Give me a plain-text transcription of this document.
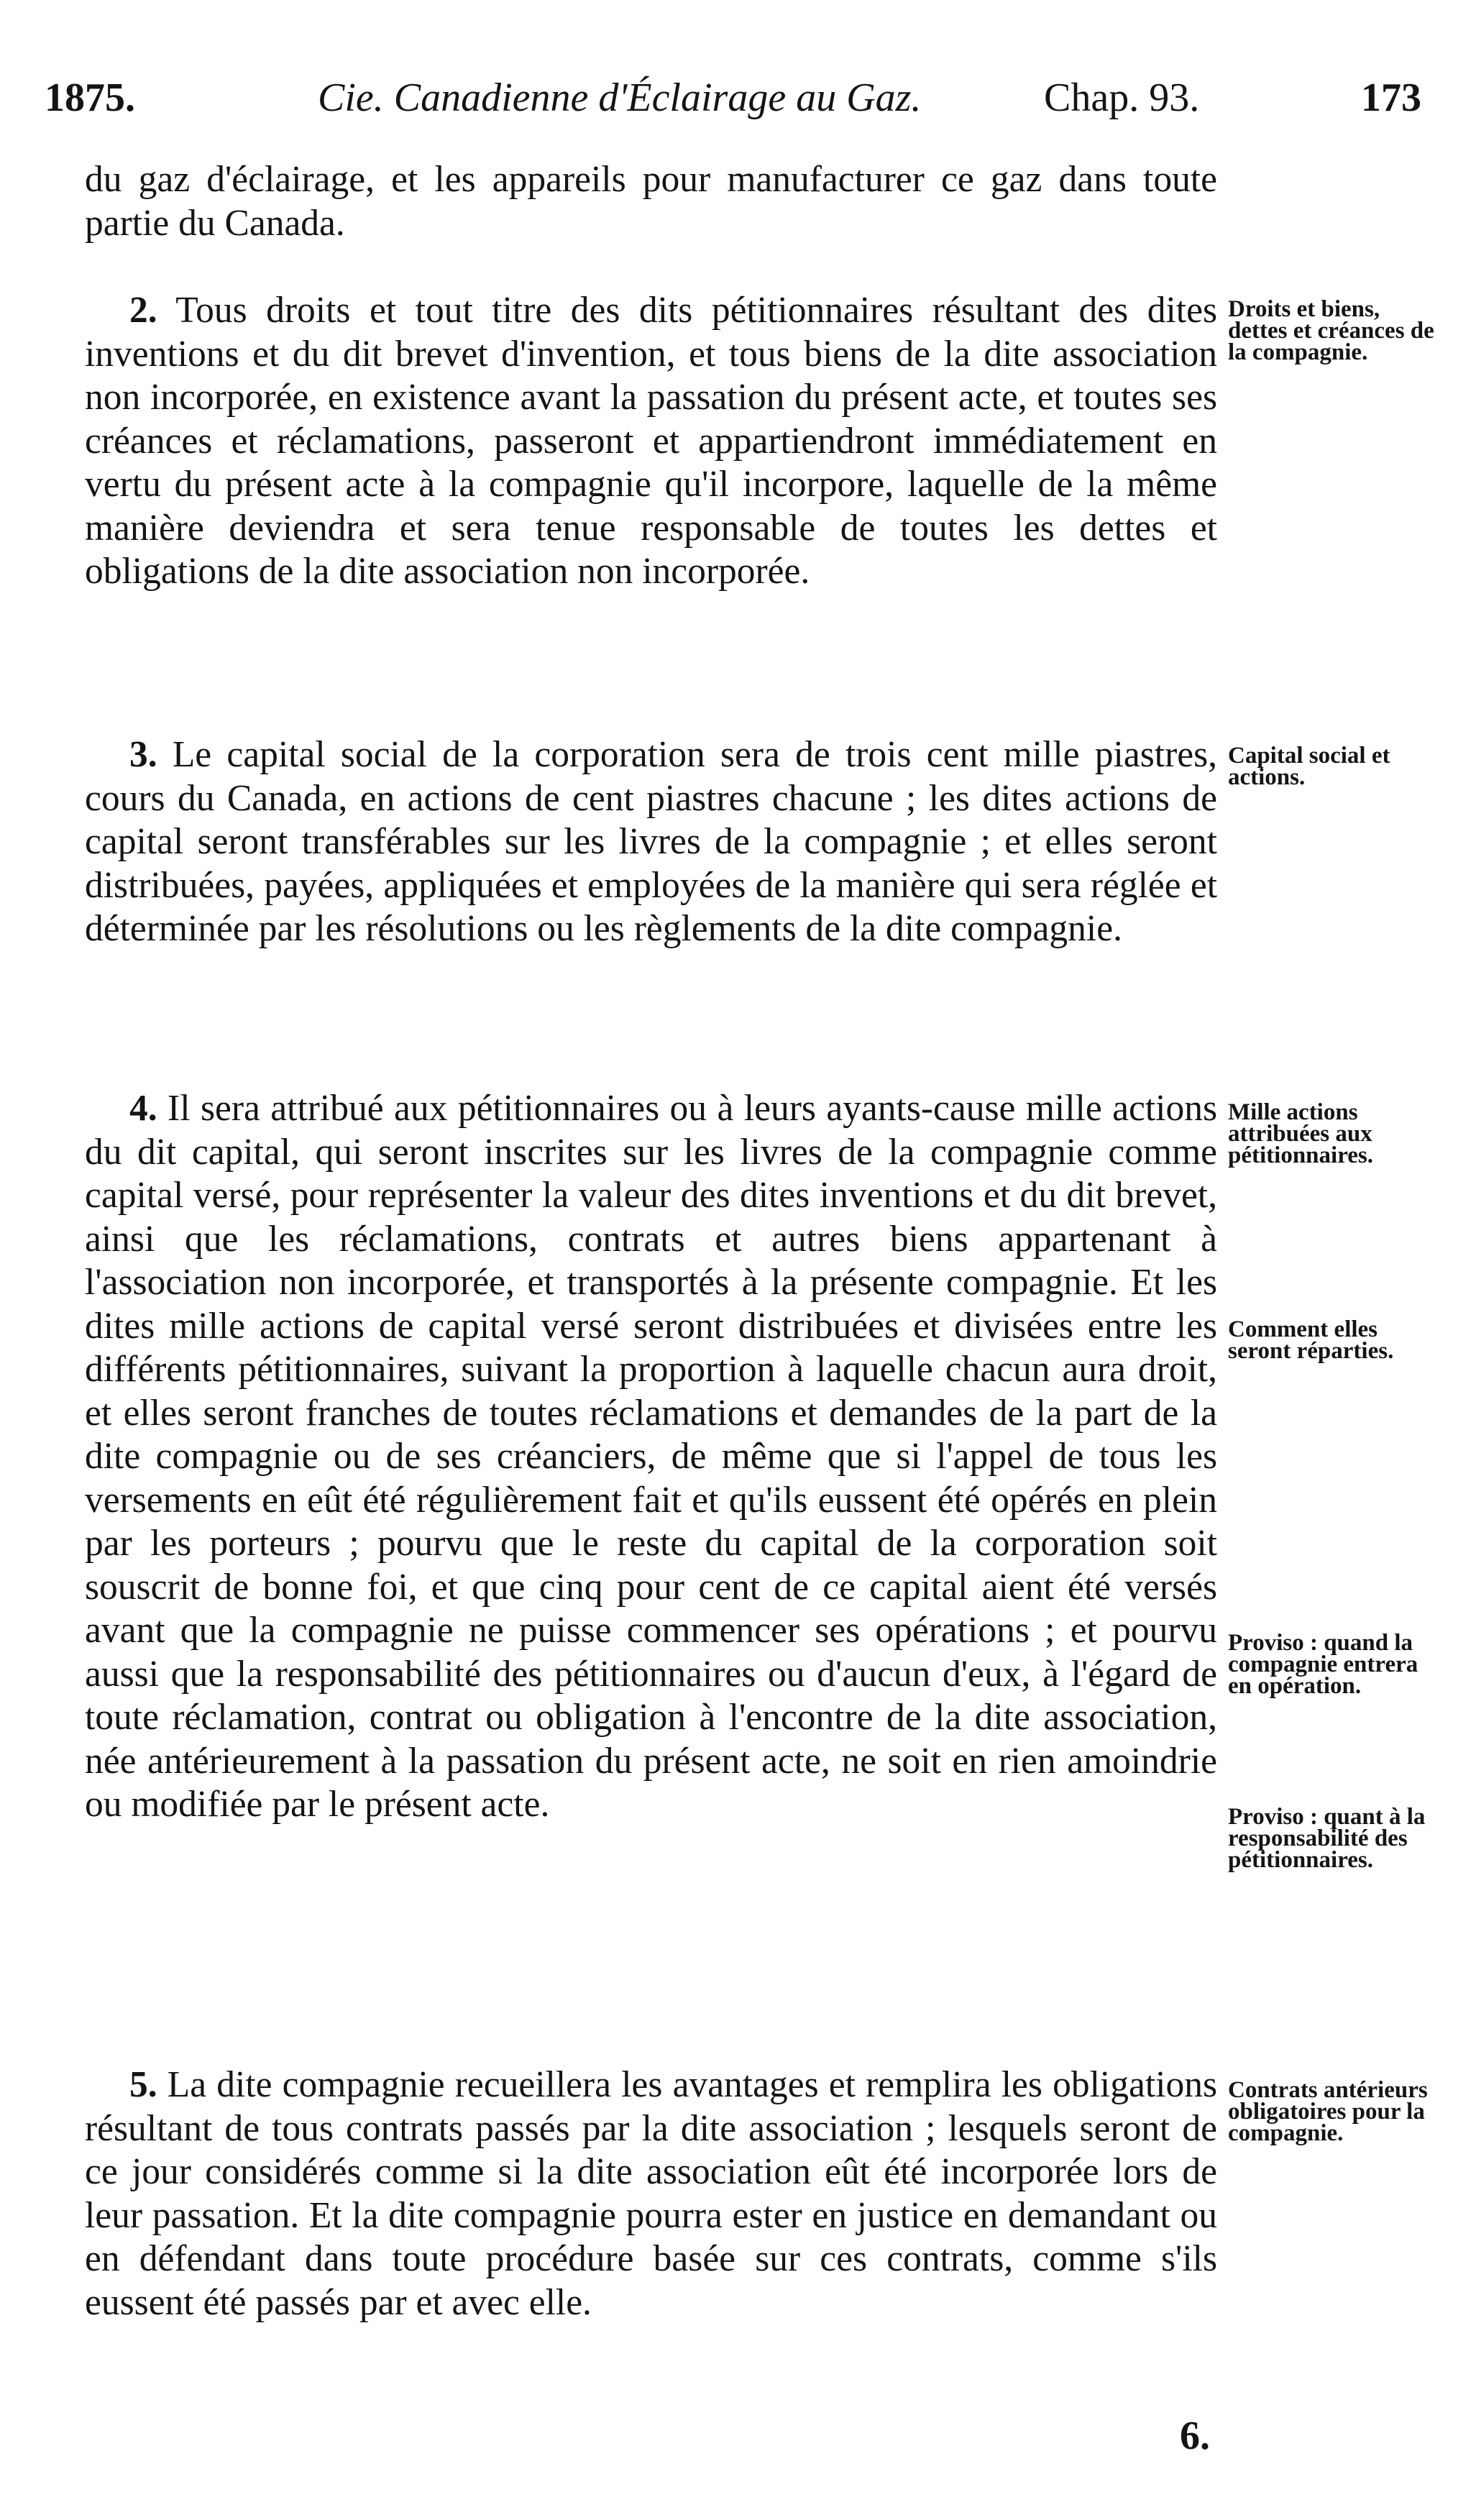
1875.	Cie. Canadienne d'Éclairage au Gaz.	Chap. 93.	173

du gaz d'éclairage, et les appareils pour manufacturer ce gaz dans toute partie du Canada.

2. Tous droits et tout titre des dits pétitionnaires résultant des dites inventions et du dit brevet d'invention, et tous biens de la dite association non incorporée, en existence avant la passation du présent acte, et toutes ses créances et réclamations, passeront et appartiendront immédiatement en vertu du présent acte à la compagnie qu'il incorpore, laquelle de la même manière deviendra et sera tenue responsable de toutes les dettes et obligations de la dite association non incorporée.

3. Le capital social de la corporation sera de trois cent mille piastres, cours du Canada, en actions de cent piastres chacune ; les dites actions de capital seront transférables sur les livres de la compagnie ; et elles seront distribuées, payées, appliquées et employées de la manière qui sera réglée et déterminée par les résolutions ou les règlements de la dite compagnie.

4. Il sera attribué aux pétitionnaires ou à leurs ayants-cause mille actions du dit capital, qui seront inscrites sur les livres de la compagnie comme capital versé, pour représenter la valeur des dites inventions et du dit brevet, ainsi que les réclamations, contrats et autres biens appartenant à l'association non incorporée, et transportés à la présente compagnie. Et les dites mille actions de capital versé seront distribuées et divisées entre les différents pétitionnaires, suivant la proportion à laquelle chacun aura droit, et elles seront franches de toutes réclamations et demandes de la part de la dite compagnie ou de ses créanciers, de même que si l'appel de tous les versements en eût été régulièrement fait et qu'ils eussent été opérés en plein par les porteurs ; pourvu que le reste du capital de la corporation soit souscrit de bonne foi, et que cinq pour cent de ce capital aient été versés avant que la compagnie ne puisse commencer ses opérations ; et pourvu aussi que la responsabilité des pétitionnaires ou d'aucun d'eux, à l'égard de toute réclamation, contrat ou obligation à l'encontre de la dite association, née antérieurement à la passation du présent acte, ne soit en rien amoindrie ou modifiée par le présent acte.

5. La dite compagnie recueillera les avantages et remplira les obligations résultant de tous contrats passés par la dite association ; lesquels seront de ce jour considérés comme si la dite association eût été incorporée lors de leur passation. Et la dite compagnie pourra ester en justice en demandant ou en défendant dans toute procédure basée sur ces contrats, comme s'ils eussent été passés par et avec elle.

Droits et biens, dettes et créances de la compagnie.

Capital social et actions.

Mille actions attribuées aux pétitionnaires.

Comment elles seront réparties.

Proviso : quand la compagnie entrera en opération.

Proviso : quant à la responsabilité des pétitionnaires.

Contrats antérieurs obligatoires pour la compagnie.

6.
